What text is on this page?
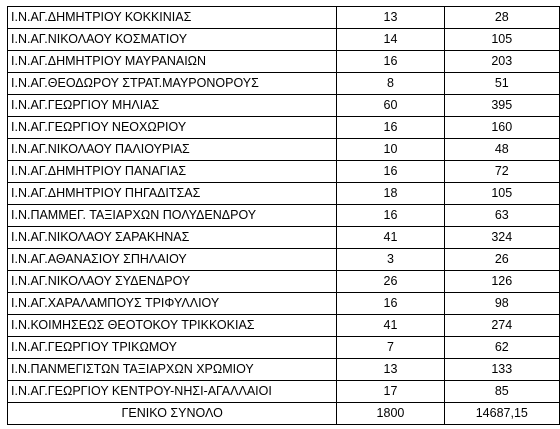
Ι.Ν.ΑΓ.ΔΗΜΗΤΡΙΟΥ ΚΟΚΚΙΝΙΑΣ	13	28
Ι.Ν.ΑΓ.ΝΙΚΟΛΑΟΥ ΚΟΣΜΑΤΙΟΥ	14	105
Ι.Ν.ΑΓ.ΔΗΜΗΤΡΙΟΥ ΜΑΥΡΑΝΑΙΩΝ	16	203
Ι.Ν.ΑΓ.ΘΕΟΔΩΡΟΥ ΣΤΡΑΤ.ΜΑΥΡΟΝΟΡΟΥΣ	8	51
Ι.Ν.ΑΓ.ΓΕΩΡΓΙΟΥ ΜΗΛΙΑΣ	60	395
Ι.Ν.ΑΓ.ΓΕΩΡΓΙΟΥ ΝΕΟΧΩΡΙΟΥ	16	160
Ι.Ν.ΑΓ.ΝΙΚΟΛΑΟΥ ΠΑΛΙΟΥΡΙΑΣ	10	48
Ι.Ν.ΑΓ.ΔΗΜΗΤΡΙΟΥ ΠΑΝΑΓΙΑΣ	16	72
Ι.Ν.ΑΓ.ΔΗΜΗΤΡΙΟΥ ΠΗΓΑΔΙΤΣΑΣ	18	105
Ι.Ν.ΠΑΜΜΕΓ. ΤΑΞΙΑΡΧΩΝ ΠΟΛΥΔΕΝΔΡΟΥ	16	63
Ι.Ν.ΑΓ.ΝΙΚΟΛΑΟΥ ΣΑΡΑΚΗΝΑΣ	41	324
Ι.Ν.ΑΓ.ΑΘΑΝΑΣΙΟΥ ΣΠΗΛΑΙΟΥ	3	26
Ι.Ν.ΑΓ.ΝΙΚΟΛΑΟΥ ΣΥΔΕΝΔΡΟΥ	26	126
Ι.Ν.ΑΓ.ΧΑΡΑΛΑΜΠΟΥΣ ΤΡΙΦΥΛΛΙΟΥ	16	98
Ι.Ν.ΚΟΙΜΗΣΕΩΣ ΘΕΟΤΟΚΟΥ ΤΡΙΚΚΟΚΙΑΣ	41	274
Ι.Ν.ΑΓ.ΓΕΩΡΓΙΟΥ ΤΡΙΚΩΜΟΥ	7	62
Ι.Ν.ΠΑΝΜΕΓΙΣΤΩΝ ΤΑΞΙΑΡΧΩΝ ΧΡΩΜΙΟΥ	13	133
Ι.Ν.ΑΓ.ΓΕΩΡΓΙΟΥ ΚΕΝΤΡΟΥ-ΝΗΣΙ-ΑΓΑΛΛΑΙΟΙ	17	85
ΓΕΝΙΚΟ ΣΥΝΟΛΟ	1800	14687,15
